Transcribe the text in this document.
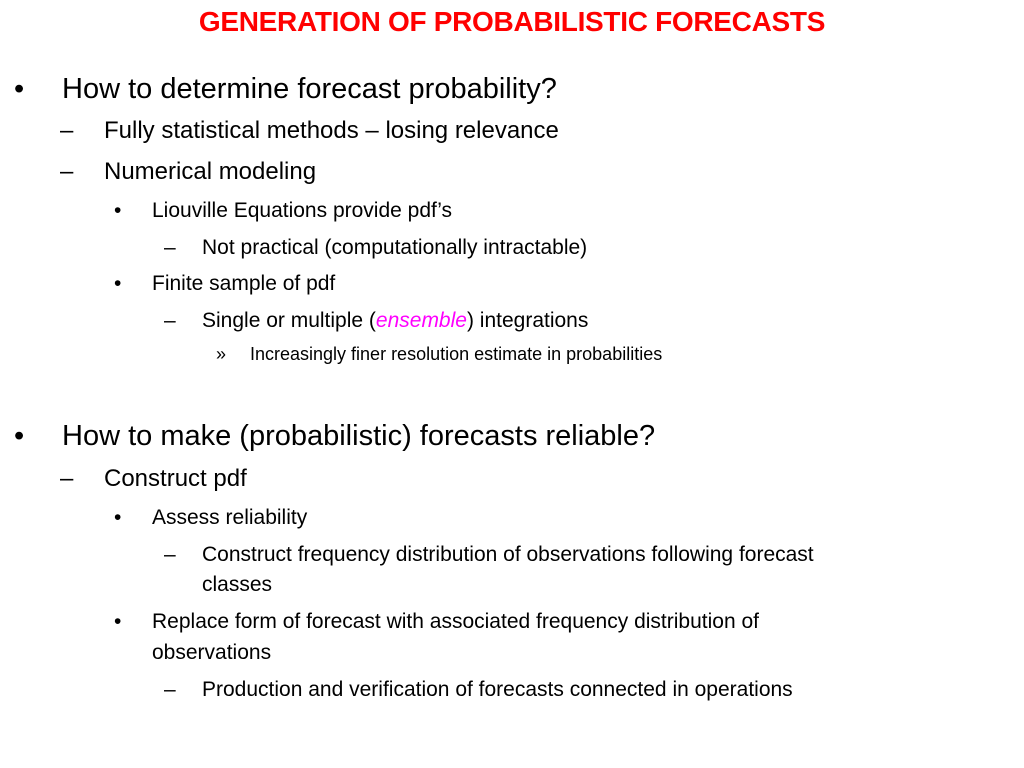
GENERATION OF PROBABILISTIC FORECASTS
• How to determine forecast probability?
– Fully statistical methods – losing relevance
– Numerical modeling
• Liouville Equations provide pdf’s
– Not practical (computationally intractable)
• Finite sample of pdf
– Single or multiple (ensemble) integrations
» Increasingly finer resolution estimate in probabilities
• How to make (probabilistic) forecasts reliable?
– Construct pdf
• Assess reliability
– Construct frequency distribution of observations following forecast
classes
• Replace form of forecast with associated frequency distribution of
observations
– Production and verification of forecasts connected in operations
